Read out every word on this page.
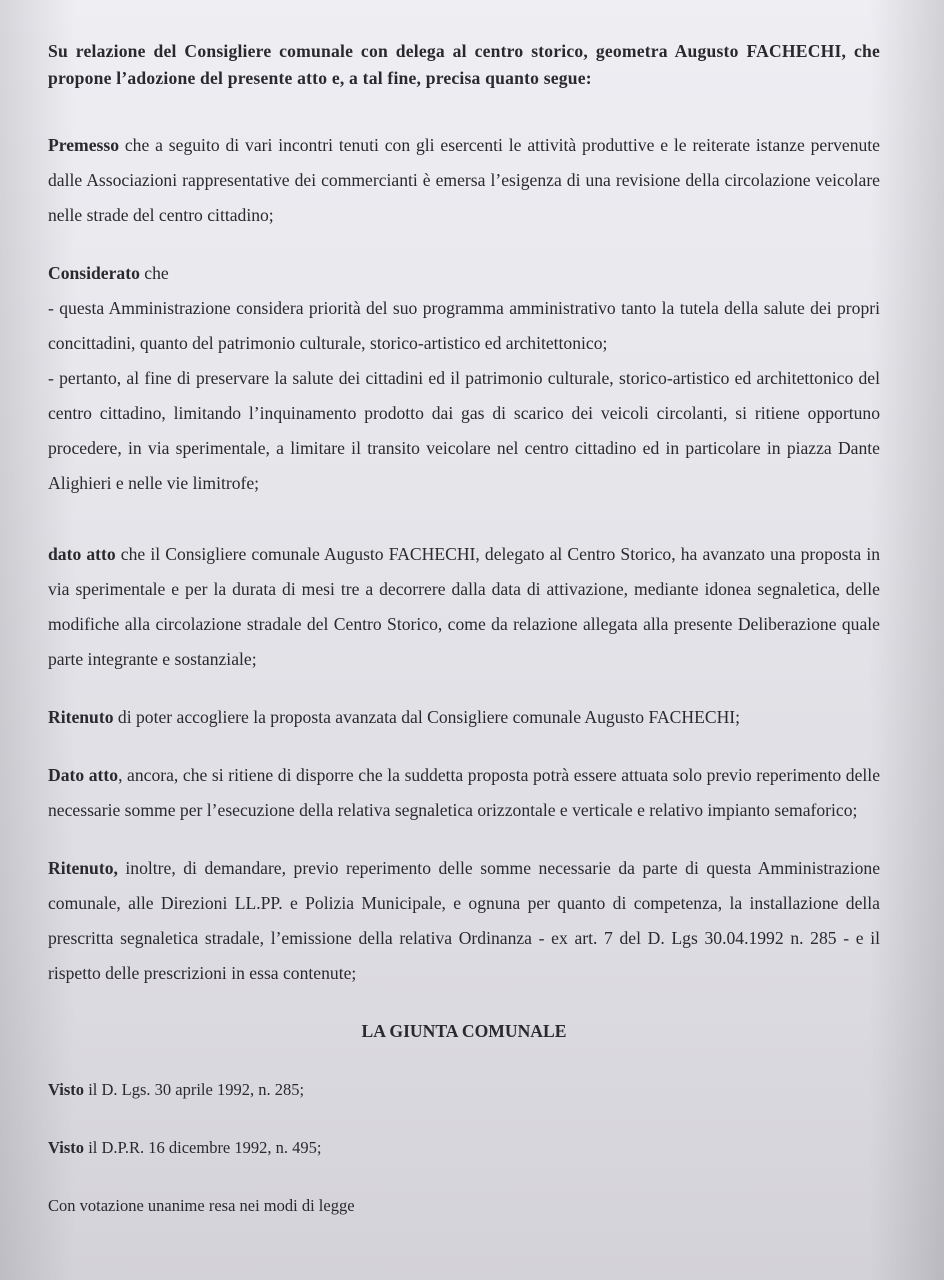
Su relazione del Consigliere comunale con delega al centro storico, geometra Augusto FACHECHI, che propone l’adozione del presente atto e, a tal fine, precisa quanto segue:

Premesso che a seguito di vari incontri tenuti con gli esercenti le attività produttive e le reiterate istanze pervenute dalle Associazioni rappresentative dei commercianti è emersa l’esigenza di una revisione della circolazione veicolare nelle strade del centro cittadino;

Considerato che

- questa Amministrazione considera priorità del suo programma amministrativo tanto la tutela della salute dei propri concittadini, quanto del patrimonio culturale, storico-artistico ed architettonico;

- pertanto, al fine di preservare la salute dei cittadini ed il patrimonio culturale, storico-artistico ed architettonico del centro cittadino, limitando l’inquinamento prodotto dai gas di scarico dei veicoli circolanti, si ritiene opportuno procedere, in via sperimentale, a limitare il transito veicolare nel centro cittadino ed in particolare in piazza Dante Alighieri e nelle vie limitrofe;

dato atto che il Consigliere comunale Augusto FACHECHI, delegato al Centro Storico, ha avanzato una proposta in via sperimentale e per la durata di mesi tre a decorrere dalla data di attivazione, mediante idonea segnaletica, delle modifiche alla circolazione stradale del Centro Storico, come da relazione allegata alla presente Deliberazione quale parte integrante e sostanziale;

Ritenuto di poter accogliere la proposta avanzata dal Consigliere comunale Augusto FACHECHI;

Dato atto, ancora, che si ritiene di disporre che la suddetta proposta potrà essere attuata solo previo reperimento delle necessarie somme per l’esecuzione della relativa segnaletica orizzontale e verticale e relativo impianto semaforico;

Ritenuto, inoltre, di demandare, previo reperimento delle somme necessarie da parte di questa Amministrazione comunale, alle Direzioni LL.PP. e Polizia Municipale, e ognuna per quanto di competenza, la installazione della prescritta segnaletica stradale, l’emissione della relativa Ordinanza - ex art. 7 del D. Lgs 30.04.1992 n. 285 - e il rispetto delle prescrizioni in essa contenute;

LA GIUNTA COMUNALE

Visto il D. Lgs. 30 aprile 1992, n. 285;

Visto il D.P.R. 16 dicembre 1992, n. 495;

Con votazione unanime resa nei modi di legge
